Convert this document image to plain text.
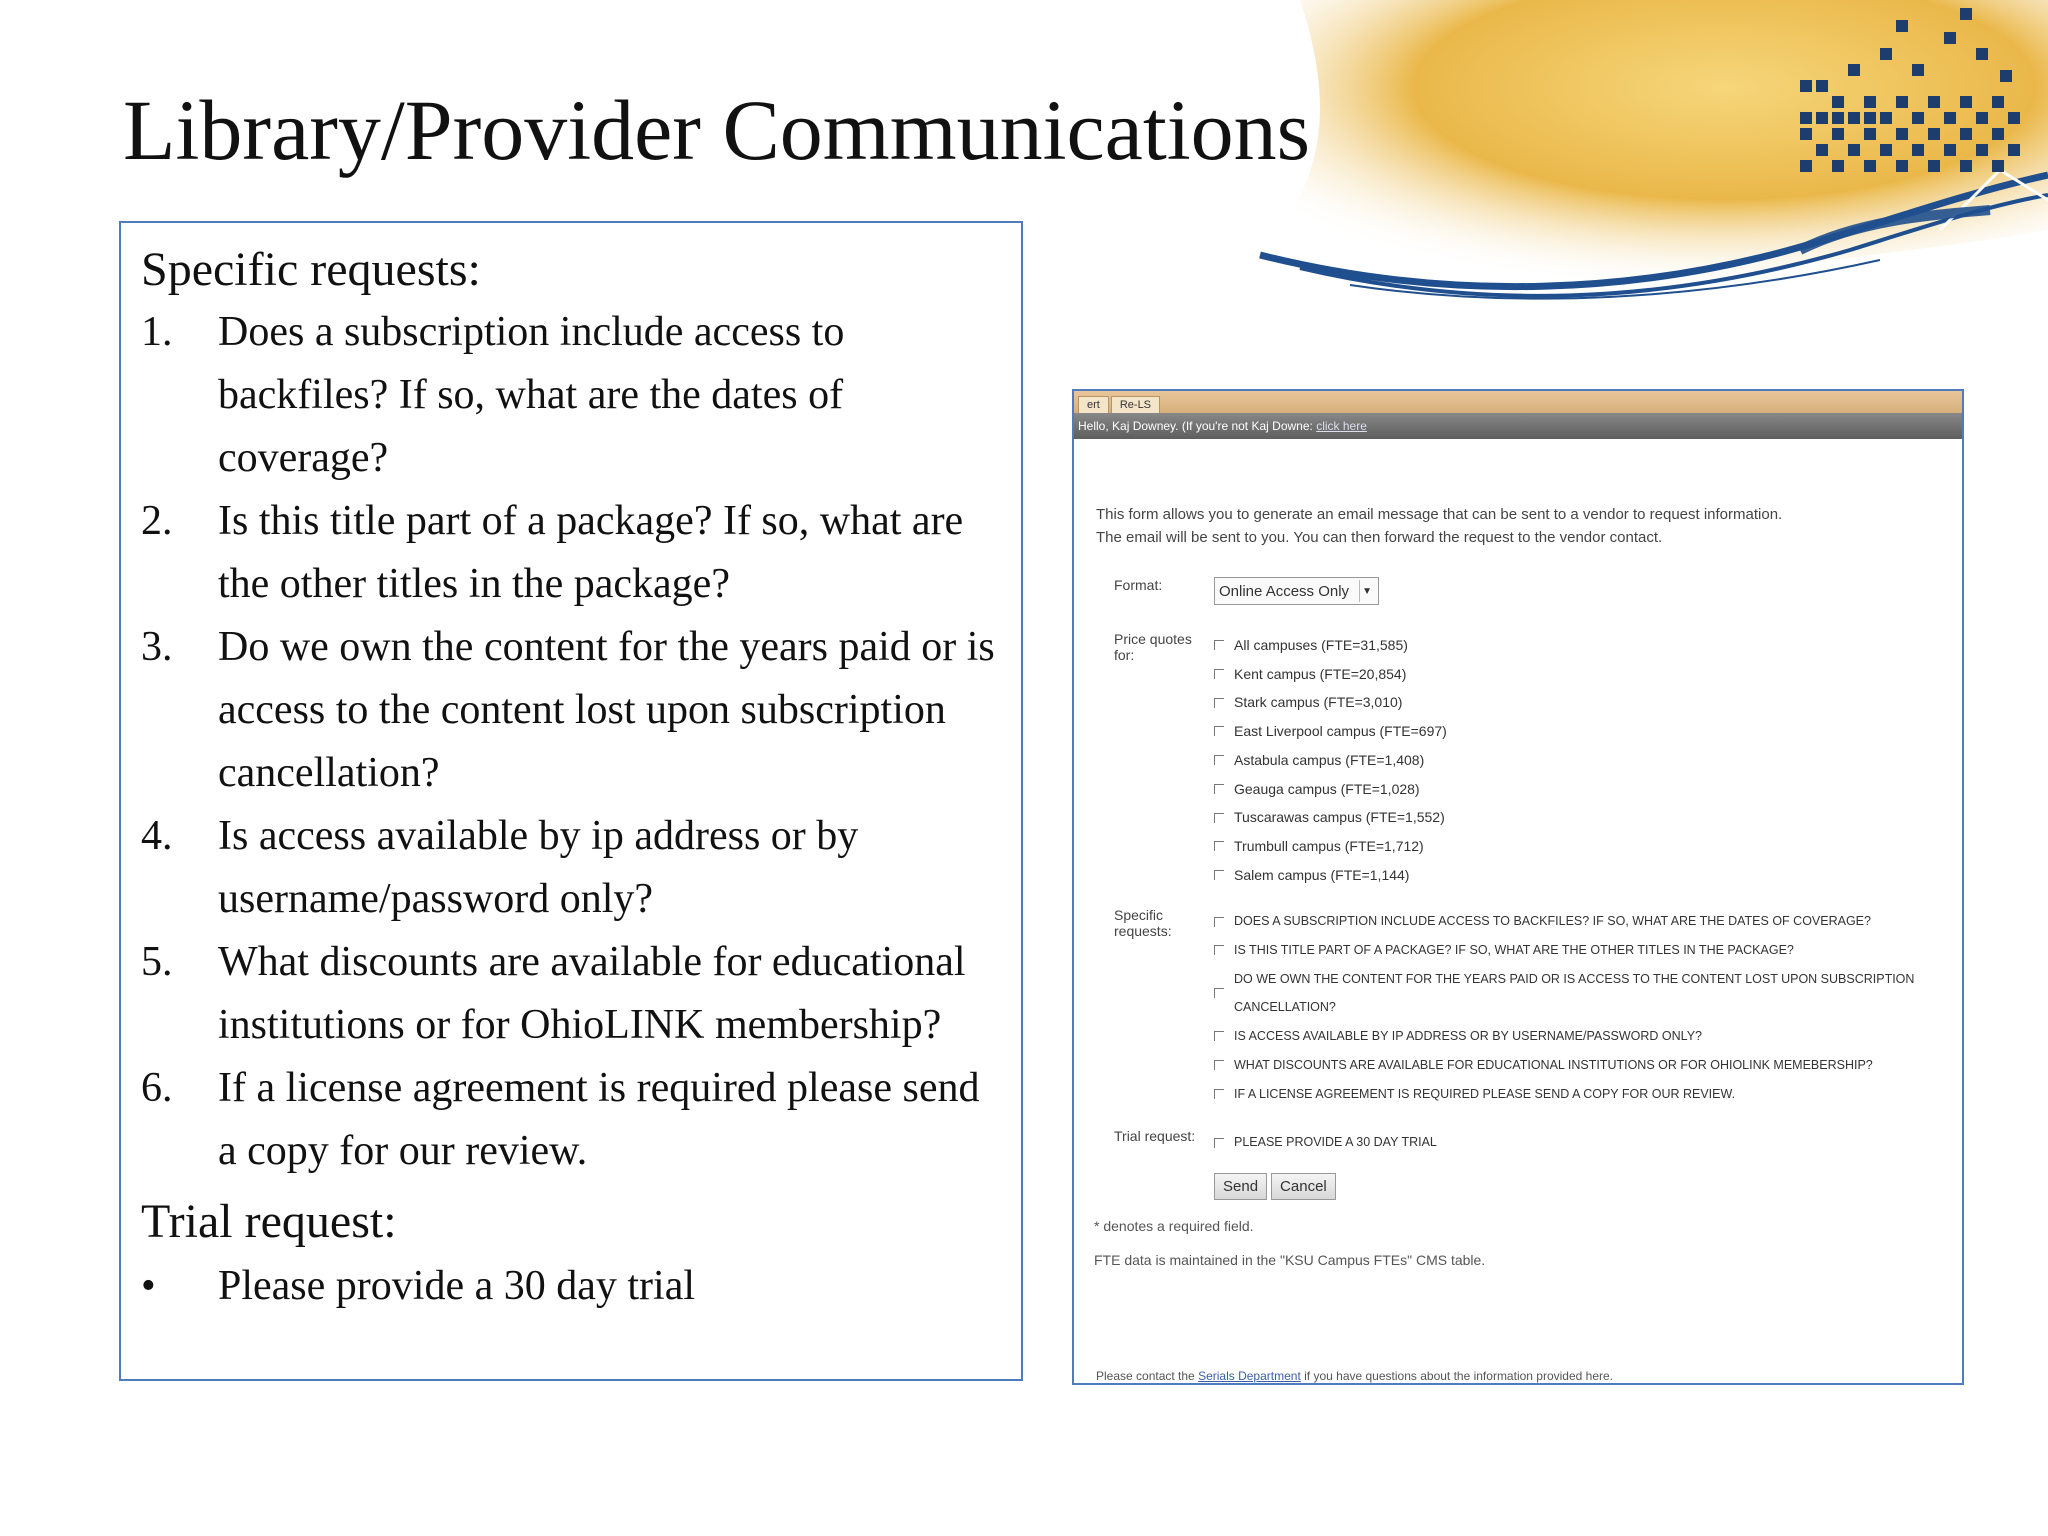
Library/Provider Communications

Specific requests:

1.	Does a subscription include access to backfiles? If so, what are the dates of coverage?
2.	Is this title part of a package? If so, what are the other titles in the package?
3.	Do we own the content for the years paid or is access to the content lost upon subscription cancellation?
4.	Is access available by ip address or by username/password only?
5.	What discounts are available for educational institutions or for OhioLINK membership?
6.	If a license agreement is required please send a copy for our review.

Trial request:

•	Please provide a 30 day trial
ert	Re-LS
Hello, Kaj Downey. (If you're not Kaj Downe: click here
This form allows you to generate an email message that can be sent to a vendor to request information.
The email will be sent to you. You can then forward the request to the vendor contact.
Format:	Online Access Only	▼
Price quotes for:
All campuses (FTE=31,585)
Kent campus (FTE=20,854)
Stark campus (FTE=3,010)
East Liverpool campus (FTE=697)
Astabula campus (FTE=1,408)
Geauga campus (FTE=1,028)
Tuscarawas campus (FTE=1,552)
Trumbull campus (FTE=1,712)
Salem campus (FTE=1,144)
Specific requests:
DOES A SUBSCRIPTION INCLUDE ACCESS TO BACKFILES? IF SO, WHAT ARE THE DATES OF COVERAGE?
IS THIS TITLE PART OF A PACKAGE? IF SO, WHAT ARE THE OTHER TITLES IN THE PACKAGE?
DO WE OWN THE CONTENT FOR THE YEARS PAID OR IS ACCESS TO THE CONTENT LOST UPON SUBSCRIPTION CANCELLATION?
IS ACCESS AVAILABLE BY IP ADDRESS OR BY USERNAME/PASSWORD ONLY?
WHAT DISCOUNTS ARE AVAILABLE FOR EDUCATIONAL INSTITUTIONS OR FOR OHIOLINK MEMEBERSHIP?
IF A LICENSE AGREEMENT IS REQUIRED PLEASE SEND A COPY FOR OUR REVIEW.
Trial request:	PLEASE PROVIDE A 30 DAY TRIAL
Send	Cancel
* denotes a required field.
FTE data is maintained in the "KSU Campus FTEs" CMS table.
Please contact the Serials Department if you have questions about the information provided here.
